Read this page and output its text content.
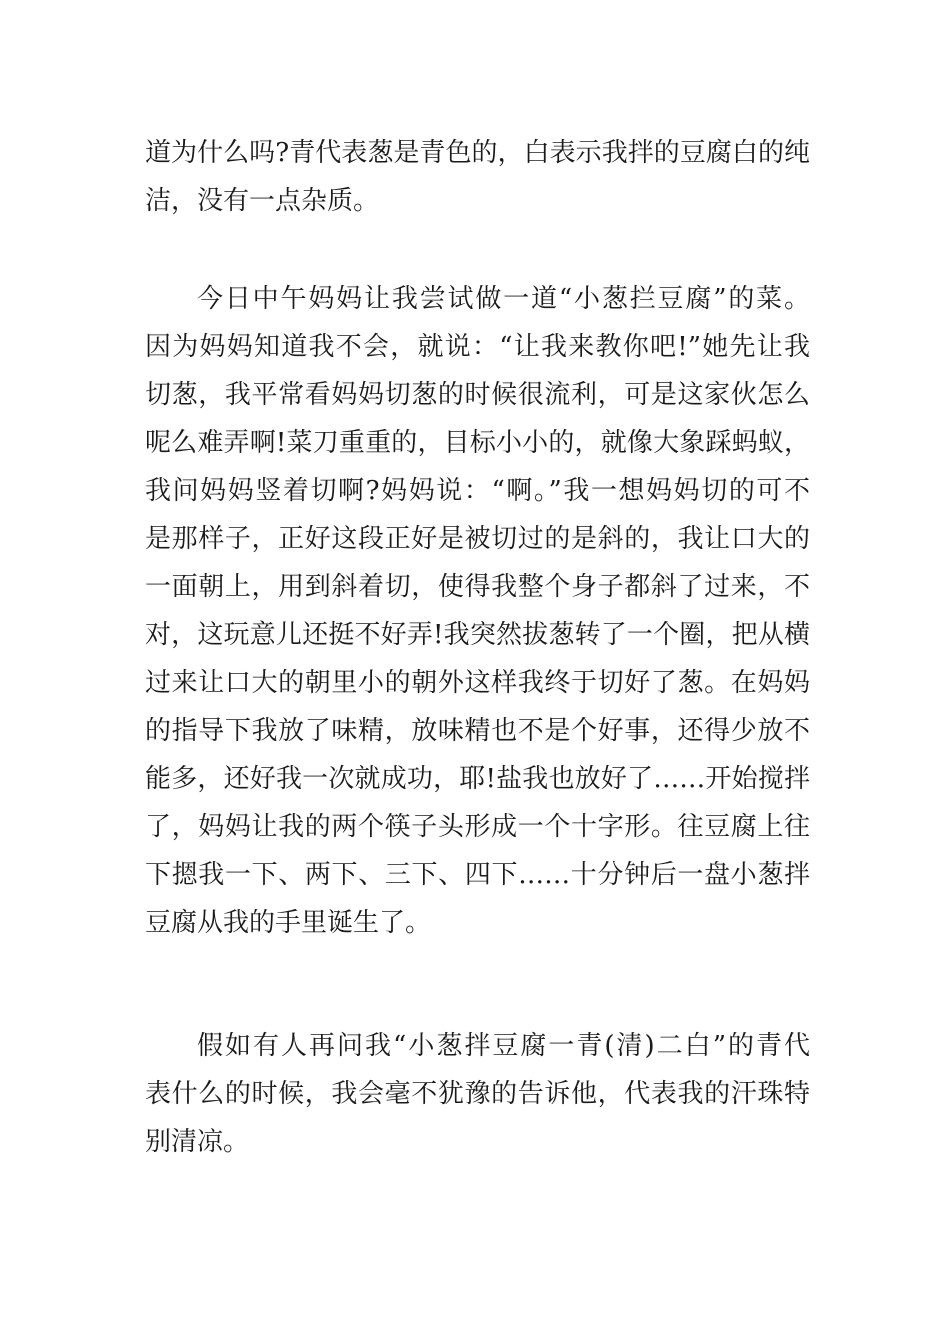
道为什么吗?青代表葱是青色的，白表示我拌的豆腐白的纯
洁，没有一点杂质。
今日中午妈妈让我尝试做一道“小葱拦豆腐”的菜。
因为妈妈知道我不会，就说：“让我来教你吧!”她先让我
切葱，我平常看妈妈切葱的时候很流利，可是这家伙怎么
呢么难弄啊!菜刀重重的，目标小小的，就像大象踩蚂蚁，
我问妈妈竖着切啊?妈妈说：“啊。”我一想妈妈切的可不
是那样子，正好这段正好是被切过的是斜的，我让口大的
一面朝上，用到斜着切，使得我整个身子都斜了过来，不
对，这玩意儿还挺不好弄!我突然拔葱转了一个圈，把从横
过来让口大的朝里小的朝外这样我终于切好了葱。在妈妈
的指导下我放了味精，放味精也不是个好事，还得少放不
能多，还好我一次就成功，耶!盐我也放好了……开始搅拌
了，妈妈让我的两个筷子头形成一个十字形。往豆腐上往
下摁我一下、两下、三下、四下……十分钟后一盘小葱拌
豆腐从我的手里诞生了。
假如有人再问我“小葱拌豆腐一青(清)二白”的青代
表什么的时候，我会毫不犹豫的告诉他，代表我的汗珠特
别清凉。
